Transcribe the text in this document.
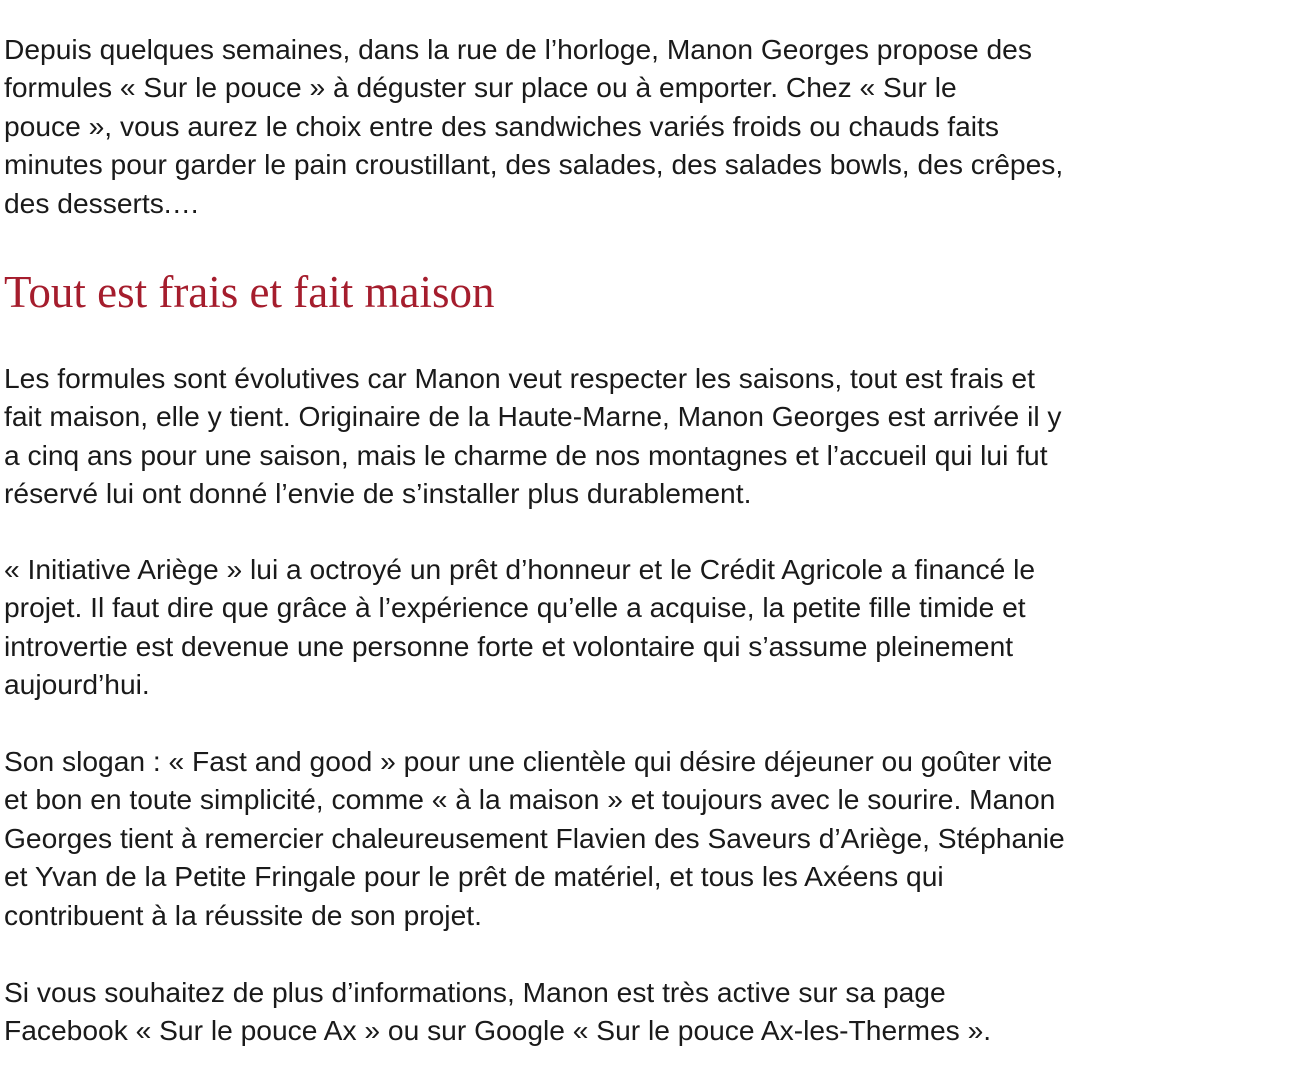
Depuis quelques semaines, dans la rue de l’horloge, Manon Georges propose des
formules « Sur le pouce » à déguster sur place ou à emporter. Chez « Sur le
pouce », vous aurez le choix entre des sandwiches variés froids ou chauds faits
minutes pour garder le pain croustillant, des salades, des salades bowls, des crêpes,
des desserts.…

Tout est frais et fait maison

Les formules sont évolutives car Manon veut respecter les saisons, tout est frais et
fait maison, elle y tient. Originaire de la Haute-Marne, Manon Georges est arrivée il y
a cinq ans pour une saison, mais le charme de nos montagnes et l’accueil qui lui fut
réservé lui ont donné l’envie de s’installer plus durablement.

« Initiative Ariège » lui a octroyé un prêt d’honneur et le Crédit Agricole a financé le
projet. Il faut dire que grâce à l’expérience qu’elle a acquise, la petite fille timide et
introvertie est devenue une personne forte et volontaire qui s’assume pleinement
aujourd’hui.

Son slogan : « Fast and good » pour une clientèle qui désire déjeuner ou goûter vite
et bon en toute simplicité, comme « à la maison » et toujours avec le sourire. Manon
Georges tient à remercier chaleureusement Flavien des Saveurs d’Ariège, Stéphanie
et Yvan de la Petite Fringale pour le prêt de matériel, et tous les Axéens qui
contribuent à la réussite de son projet.

Si vous souhaitez de plus d’informations, Manon est très active sur sa page
Facebook « Sur le pouce Ax » ou sur Google « Sur le pouce Ax-les-Thermes ».
